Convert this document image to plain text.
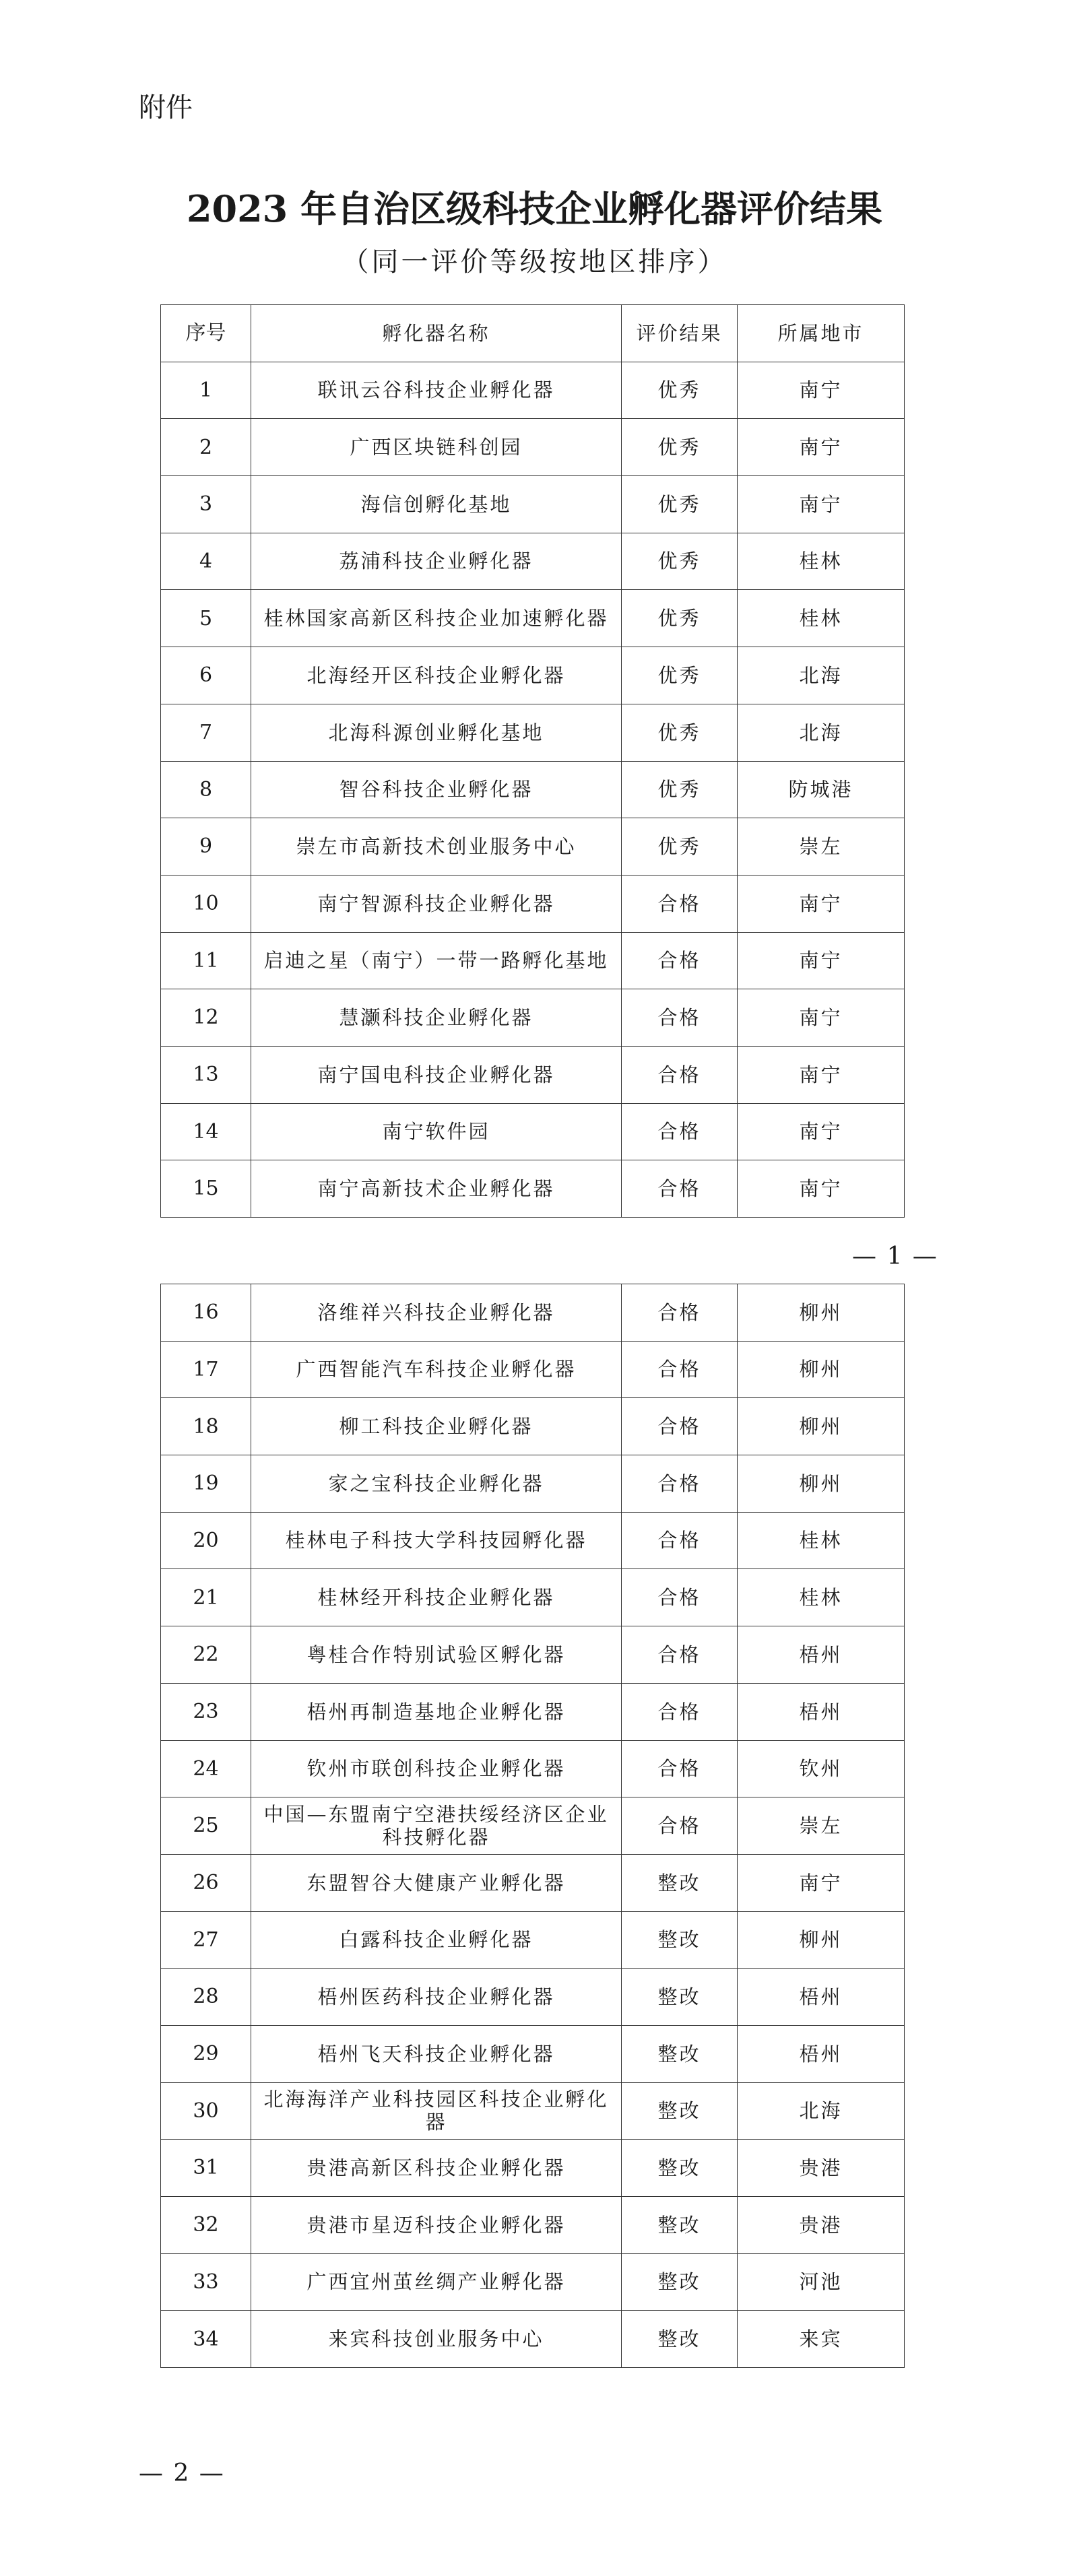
附件
2023 年自治区级科技企业孵化器评价结果
（同一评价等级按地区排序）
序号	孵化器名称	评价结果	所属地市
1	联讯云谷科技企业孵化器	优秀	南宁
2	广西区块链科创园	优秀	南宁
3	海信创孵化基地	优秀	南宁
4	荔浦科技企业孵化器	优秀	桂林
5	桂林国家高新区科技企业加速孵化器	优秀	桂林
6	北海经开区科技企业孵化器	优秀	北海
7	北海科源创业孵化基地	优秀	北海
8	智谷科技企业孵化器	优秀	防城港
9	崇左市高新技术创业服务中心	优秀	崇左
10	南宁智源科技企业孵化器	合格	南宁
11	启迪之星（南宁）一带一路孵化基地	合格	南宁
12	慧灏科技企业孵化器	合格	南宁
13	南宁国电科技企业孵化器	合格	南宁
14	南宁软件园	合格	南宁
15	南宁高新技术企业孵化器	合格	南宁
— 1 —
16	洛维祥兴科技企业孵化器	合格	柳州
17	广西智能汽车科技企业孵化器	合格	柳州
18	柳工科技企业孵化器	合格	柳州
19	家之宝科技企业孵化器	合格	柳州
20	桂林电子科技大学科技园孵化器	合格	桂林
21	桂林经开科技企业孵化器	合格	桂林
22	粤桂合作特别试验区孵化器	合格	梧州
23	梧州再制造基地企业孵化器	合格	梧州
24	钦州市联创科技企业孵化器	合格	钦州
25	中国—东盟南宁空港扶绥经济区企业科技孵化器	合格	崇左
26	东盟智谷大健康产业孵化器	整改	南宁
27	白露科技企业孵化器	整改	柳州
28	梧州医药科技企业孵化器	整改	梧州
29	梧州飞天科技企业孵化器	整改	梧州
30	北海海洋产业科技园区科技企业孵化器	整改	北海
31	贵港高新区科技企业孵化器	整改	贵港
32	贵港市星迈科技企业孵化器	整改	贵港
33	广西宜州茧丝绸产业孵化器	整改	河池
34	来宾科技创业服务中心	整改	来宾
— 2 —
